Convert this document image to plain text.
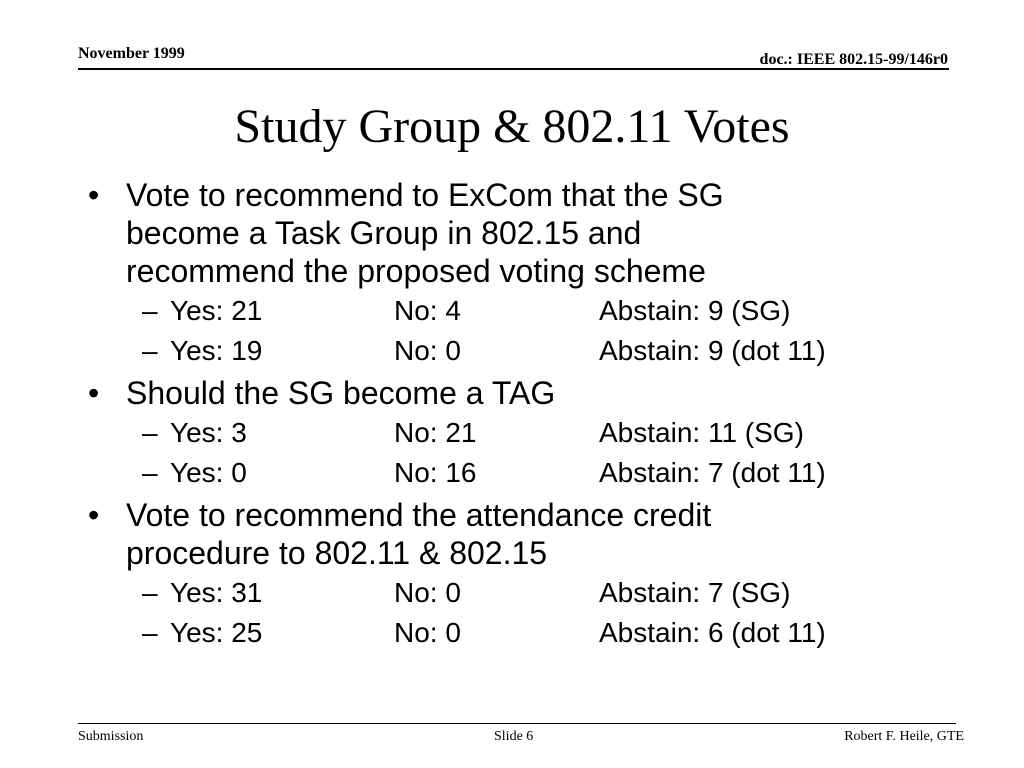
November 1999	doc.: IEEE 802.15-99/146r0
Study Group & 802.11 Votes
• Vote to recommend to ExCom that the SG
become a Task Group in 802.15 and
recommend the proposed voting scheme
– Yes: 21	No: 4	Abstain: 9 (SG)
– Yes: 19	No: 0	Abstain: 9 (dot 11)
• Should the SG become a TAG
– Yes: 3	No: 21	Abstain: 11 (SG)
– Yes: 0	No: 16	Abstain: 7 (dot 11)
• Vote to recommend the attendance credit
procedure to 802.11 & 802.15
– Yes: 31	No: 0	Abstain: 7 (SG)
– Yes: 25	No: 0	Abstain: 6 (dot 11)
Submission	Slide 6	Robert F. Heile, GTE
